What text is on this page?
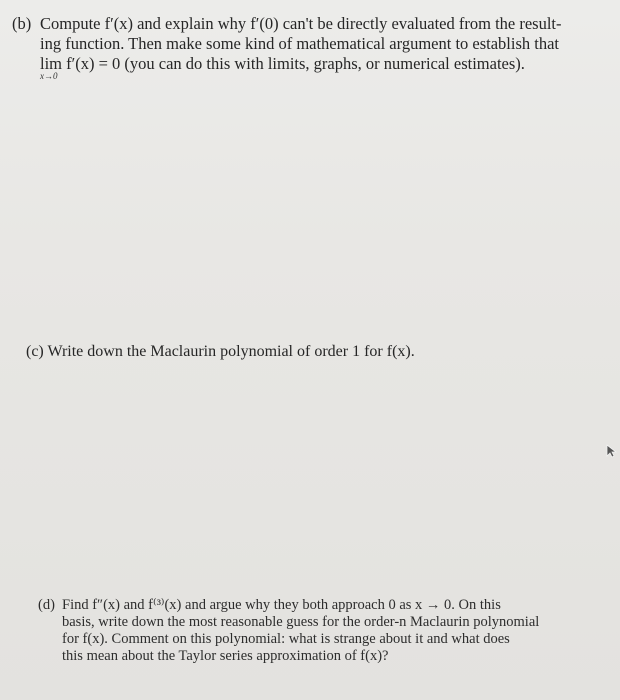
(b) Compute f′(x) and explain why f′(0) can't be directly evaluated from the result-
ing function. Then make some kind of mathematical argument to establish that
lim f′(x) = 0 (you can do this with limits, graphs, or numerical estimates).
x→0
(c) Write down the Maclaurin polynomial of order 1 for f(x).
(d) Find f″(x) and f⁽³⁾(x) and argue why they both approach 0 as x → 0. On this
basis, write down the most reasonable guess for the order-n Maclaurin polynomial
for f(x). Comment on this polynomial: what is strange about it and what does
this mean about the Taylor series approximation of f(x)?
